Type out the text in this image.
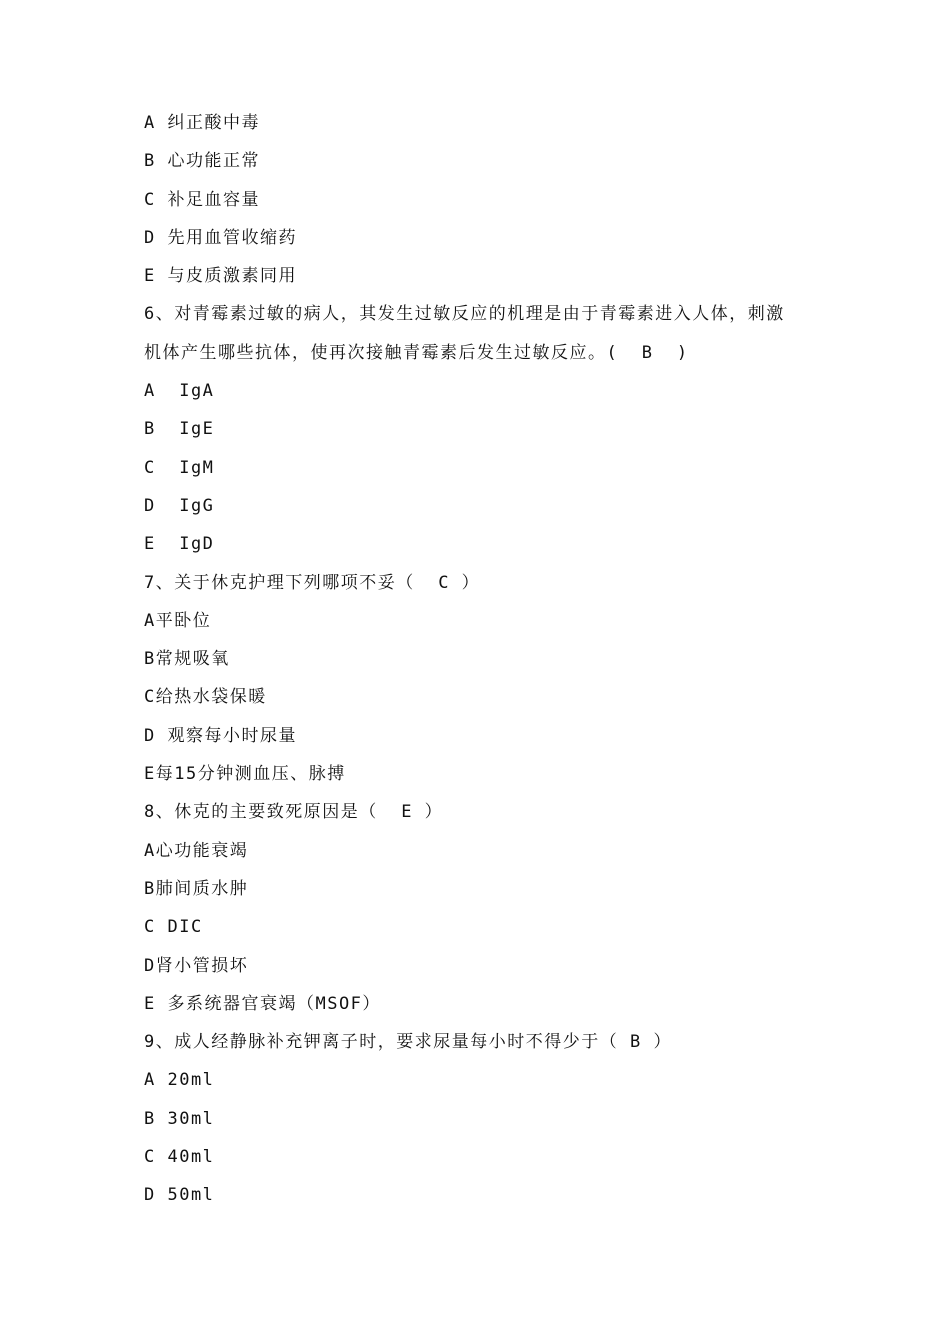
A 纠正酸中毒
B 心功能正常
C 补足血容量
D 先用血管收缩药
E 与皮质激素同用
6、对青霉素过敏的病人，其发生过敏反应的机理是由于青霉素进入人体，刺激
机体产生哪些抗体，使再次接触青霉素后发生过敏反应。(  B  )
A  IgA
B  IgE
C  IgM
D  IgG
E  IgD
7、关于休克护理下列哪项不妥（  C ）
A平卧位
B常规吸氧
C给热水袋保暖
D 观察每小时尿量
E每15分钟测血压、脉搏
8、休克的主要致死原因是（  E ）
A心功能衰竭
B肺间质水肿
C DIC
D肾小管损坏
E 多系统器官衰竭（MSOF）
9、成人经静脉补充钾离子时，要求尿量每小时不得少于（ B ）
A 20ml
B 30ml
C 40ml
D 50ml
